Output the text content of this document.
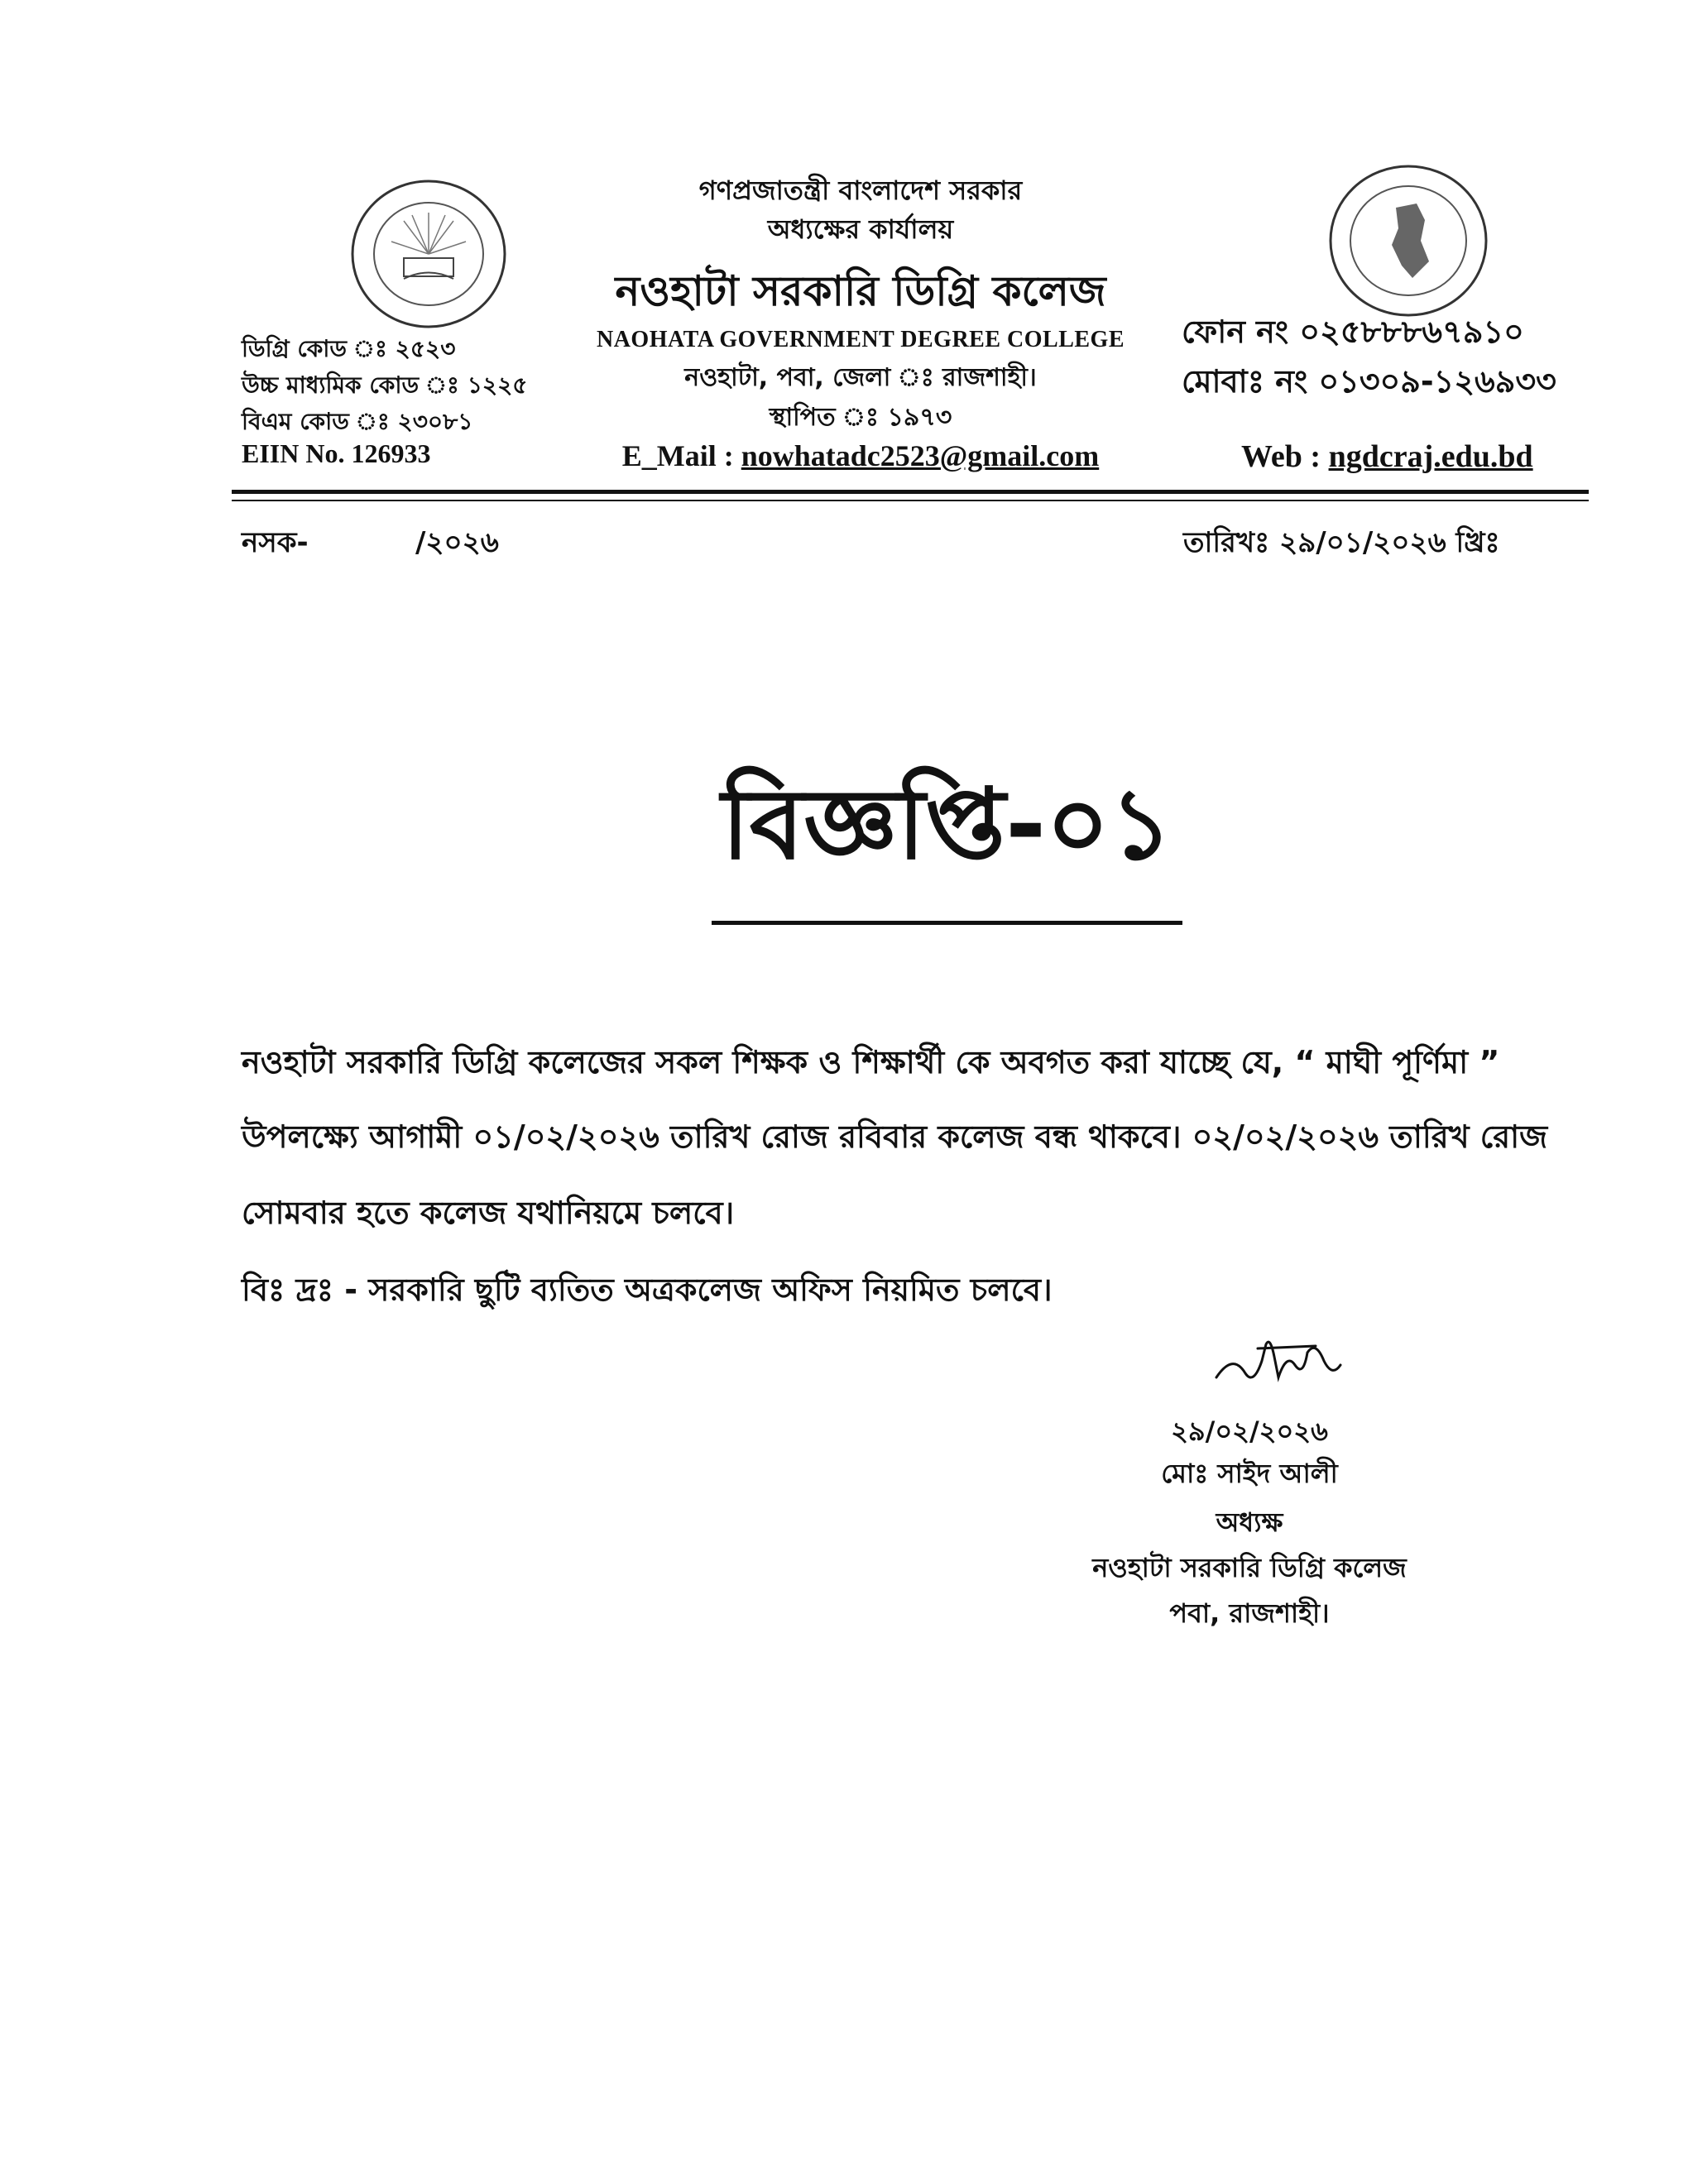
গণপ্রজাতন্ত্রী বাংলাদেশ সরকার
অধ্যক্ষের কার্যালয়
নওহাটা সরকারি ডিগ্রি কলেজ
NAOHATA GOVERNMENT DEGREE COLLEGE
নওহাটা, পবা, জেলা ঃ রাজশাহী।
স্থাপিত ঃ ১৯৭৩
E_Mail : nowhatadc2523@gmail.com
ডিগ্রি কোড ঃ ২৫২৩
উচ্চ মাধ্যমিক কোড ঃ ১২২৫
বিএম কোড ঃ ২৩০৮১
EIIN No. 126933
ফোন নং ০২৫৮৮৮৬৭৯১০
মোবাঃ নং ০১৩০৯-১২৬৯৩৩
Web : ngdcraj.edu.bd
নসক-	/২০২৬	তারিখঃ ২৯/০১/২০২৬ খ্রিঃ
বিজ্ঞপ্তি-০১
নওহাটা সরকারি ডিগ্রি কলেজের সকল শিক্ষক ও শিক্ষার্থী কে অবগত করা যাচ্ছে যে, “ মাঘী পূর্ণিমা ”
উপলক্ষ্যে আগামী ০১/০২/২০২৬ তারিখ রোজ রবিবার কলেজ বন্ধ থাকবে। ০২/০২/২০২৬ তারিখ রোজ
সোমবার হতে কলেজ যথানিয়মে চলবে।
বিঃ দ্রঃ - সরকারি ছুটি ব্যতিত অত্রকলেজ অফিস নিয়মিত চলবে।
২৯/০২/২০২৬
মোঃ সাইদ আলী
অধ্যক্ষ
নওহাটা সরকারি ডিগ্রি কলেজ
পবা, রাজশাহী।
